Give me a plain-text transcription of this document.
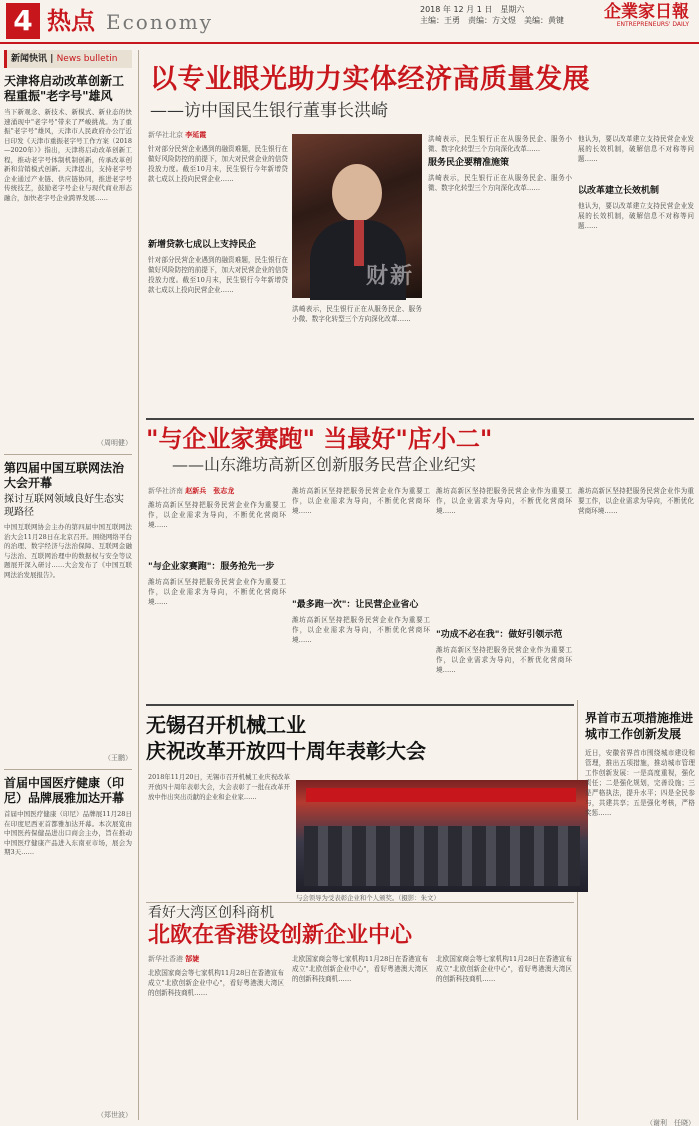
4 热点 Economy
2018 年 12 月 1 日　星期六
主编：王勇　责编：方文煜　美编：黄键	企業家日報
ENTREPRENEURS' DAILY
新闻快讯 | News bulletin
天津将启动改革创新工程重振"老字号"雄风
当下新观念、新技术、新模式、新业态的快速涌现中"老字号"带来了严峻挑战。为了重振"老字号"雄风，天津市人民政府办公厅近日印发《天津市重振老字号工作方案（2018—2020年）》指出，天津将启动改革创新工程，推动老字号体制机制创新，传承改革创新和营销模式创新。天津提出，支持老字号企业通过产业链、供应链协同，推进老字号传统技艺，鼓励老字号企业与现代商业形态融合，加快老字号企业跨界发展……
（周明健）
第四届中国互联网法治大会开幕
探讨互联网领域良好生态实现路径
中国互联网协会主办的第四届中国互联网法治大会11月28日在北京召开。围绕网络平台的治理、数字经济与法治保障、互联网金融与法治、互联网治理中的数据权与安全等议题展开深入研讨……大会发布了《中国互联网法治发展报告》。
（王鹏）
首届中国医疗健康（印尼）品牌展雅加达开幕
首届中国医疗健康（印尼）品牌展11月28日在印度尼西亚首都雅加达开幕。本次展览由中国医药保健品进出口商会主办，旨在推动中国医疗健康产品进入东南亚市场，展会为期3天……
（郑世波）
以专业眼光助力实体经济高质量发展
——访中国民生银行董事长洪崎
新华社北京 李延霞
针对部分民营企业遇到的融资难题，民生银行在做好风险防控的前提下，加大对民营企业的信贷投放力度。截至10月末，民生银行今年新增贷款七成以上投向民营企业……
新增贷款七成以上支持民企
针对部分民营企业遇到的融资难题，民生银行在做好风险防控的前提下，加大对民营企业的信贷投放力度。截至10月末，民生银行今年新增贷款七成以上投向民营企业……
财新
洪崎表示，民生银行正在从服务民企、服务小微、数字化转型三个方向深化改革……
洪崎表示，民生银行正在从服务民企、服务小微、数字化转型三个方向深化改革……
服务民企要精准施策
洪崎表示，民生银行正在从服务民企、服务小微、数字化转型三个方向深化改革……
他认为，要以改革建立支持民营企业发展的长效机制，破解信息不对称等问题……
以改革建立长效机制
他认为，要以改革建立支持民营企业发展的长效机制，破解信息不对称等问题……
"与企业家赛跑" 当最好"店小二"
——山东潍坊高新区创新服务民营企业纪实
新华社济南 赵新兵　张志龙
潍坊高新区坚持把服务民营企业作为重要工作，以企业需求为导向，不断优化营商环境……
"与企业家赛跑"：服务抢先一步
潍坊高新区坚持把服务民营企业作为重要工作，以企业需求为导向，不断优化营商环境……
潍坊高新区坚持把服务民营企业作为重要工作，以企业需求为导向，不断优化营商环境……
"最多跑一次"：让民营企业省心
潍坊高新区坚持把服务民营企业作为重要工作，以企业需求为导向，不断优化营商环境……
潍坊高新区坚持把服务民营企业作为重要工作，以企业需求为导向，不断优化营商环境……
"功成不必在我"：做好引领示范
潍坊高新区坚持把服务民营企业作为重要工作，以企业需求为导向，不断优化营商环境……
潍坊高新区坚持把服务民营企业作为重要工作，以企业需求为导向，不断优化营商环境……
无锡召开机械工业
庆祝改革开放四十周年表彰大会
2018年11月20日，无锡市召开机械工业庆祝改革开放四十周年表彰大会，大会表彰了一批在改革开放中作出突出贡献的企业和企业家……
与会领导为受表彰企业和个人颁奖。（摄影：朱文）
看好大湾区创科商机
北欧在香港设创新企业中心
新华社香港 郜婕
北欧国家商会等七家机构11月28日在香港宣布成立"北欧创新企业中心"，看好粤港澳大湾区的创新科技商机……
北欧国家商会等七家机构11月28日在香港宣布成立"北欧创新企业中心"，看好粤港澳大湾区的创新科技商机……
北欧国家商会等七家机构11月28日在香港宣布成立"北欧创新企业中心"，看好粤港澳大湾区的创新科技商机……
界首市五项措施推进城市工作创新发展
近日，安徽省界首市围绕城市建设和管理，推出五项措施，推动城市管理工作创新发展：一是高度重视，强化责任；二是强化规划，完善设施；三是严格执法，提升水平；四是全民参与，共建共享；五是强化考核，严格奖惩……
（谢利　任晓）
